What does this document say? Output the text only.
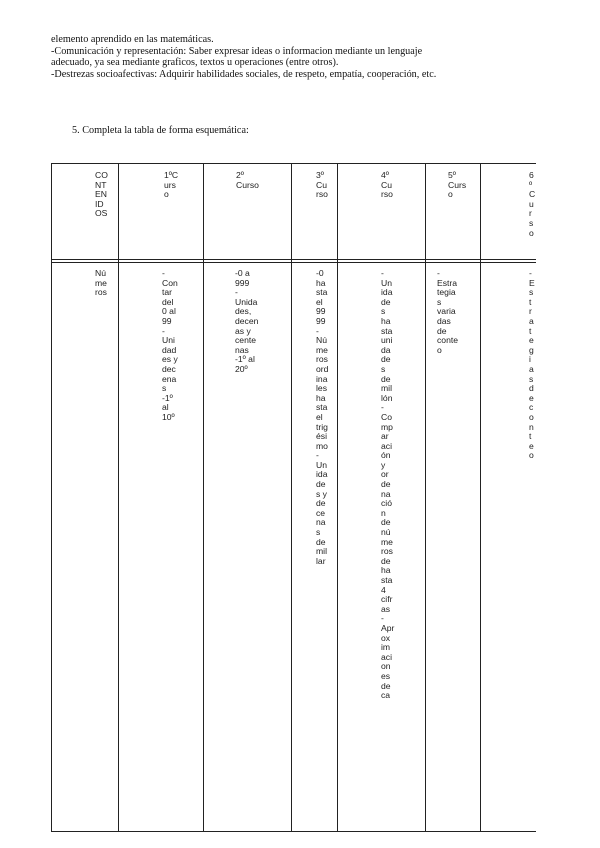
elemento aprendido en las matemáticas.

-Comunicación y representación: Saber expresar ideas o informacion mediante un lenguaje

adecuado, ya sea mediante graficos, textos u operaciones (entre otros).

-Destrezas socioafectivas: Adquirir habilidades sociales, de respeto, empatía, cooperación, etc.

5. Completa la tabla de forma esquemática:
CO
NT
EN
ID
OS
1ºC
urs
o
2º
Curso
3º
Cu
rso
4º
Cu
rso
5º
Curs
o
6
º
C
u
r
s
o
Nú
me
ros
-
Con
tar
del
0 al
99
-
Uni
dad
es y
dec
ena
s
-1º
al
10º
-0 a
999
-
Unida
des,
decen
as y
cente
nas
-1º al
20º
-0
ha
sta
el
99
99
-
Nú
me
ros
ord
ina
les
ha
sta
el
trig
ési
mo
-
Un
ida
de
s y
de
ce
na
s
de
mil
lar
-
Un
ida
de
s
ha
sta
uni
da
de
s
de
mil
lón
-
Co
mp
ar
aci
ón
y
or
de
na
ció
n
de
nú
me
ros
de
ha
sta
4
cifr
as
-
Apr
ox
im
aci
on
es
de
ca
-
Estra
tegia
s
varia
das
de
conte
o
-
E
s
t
r
a
t
e
g
i
a
s
d
e
c
o
n
t
e
o
